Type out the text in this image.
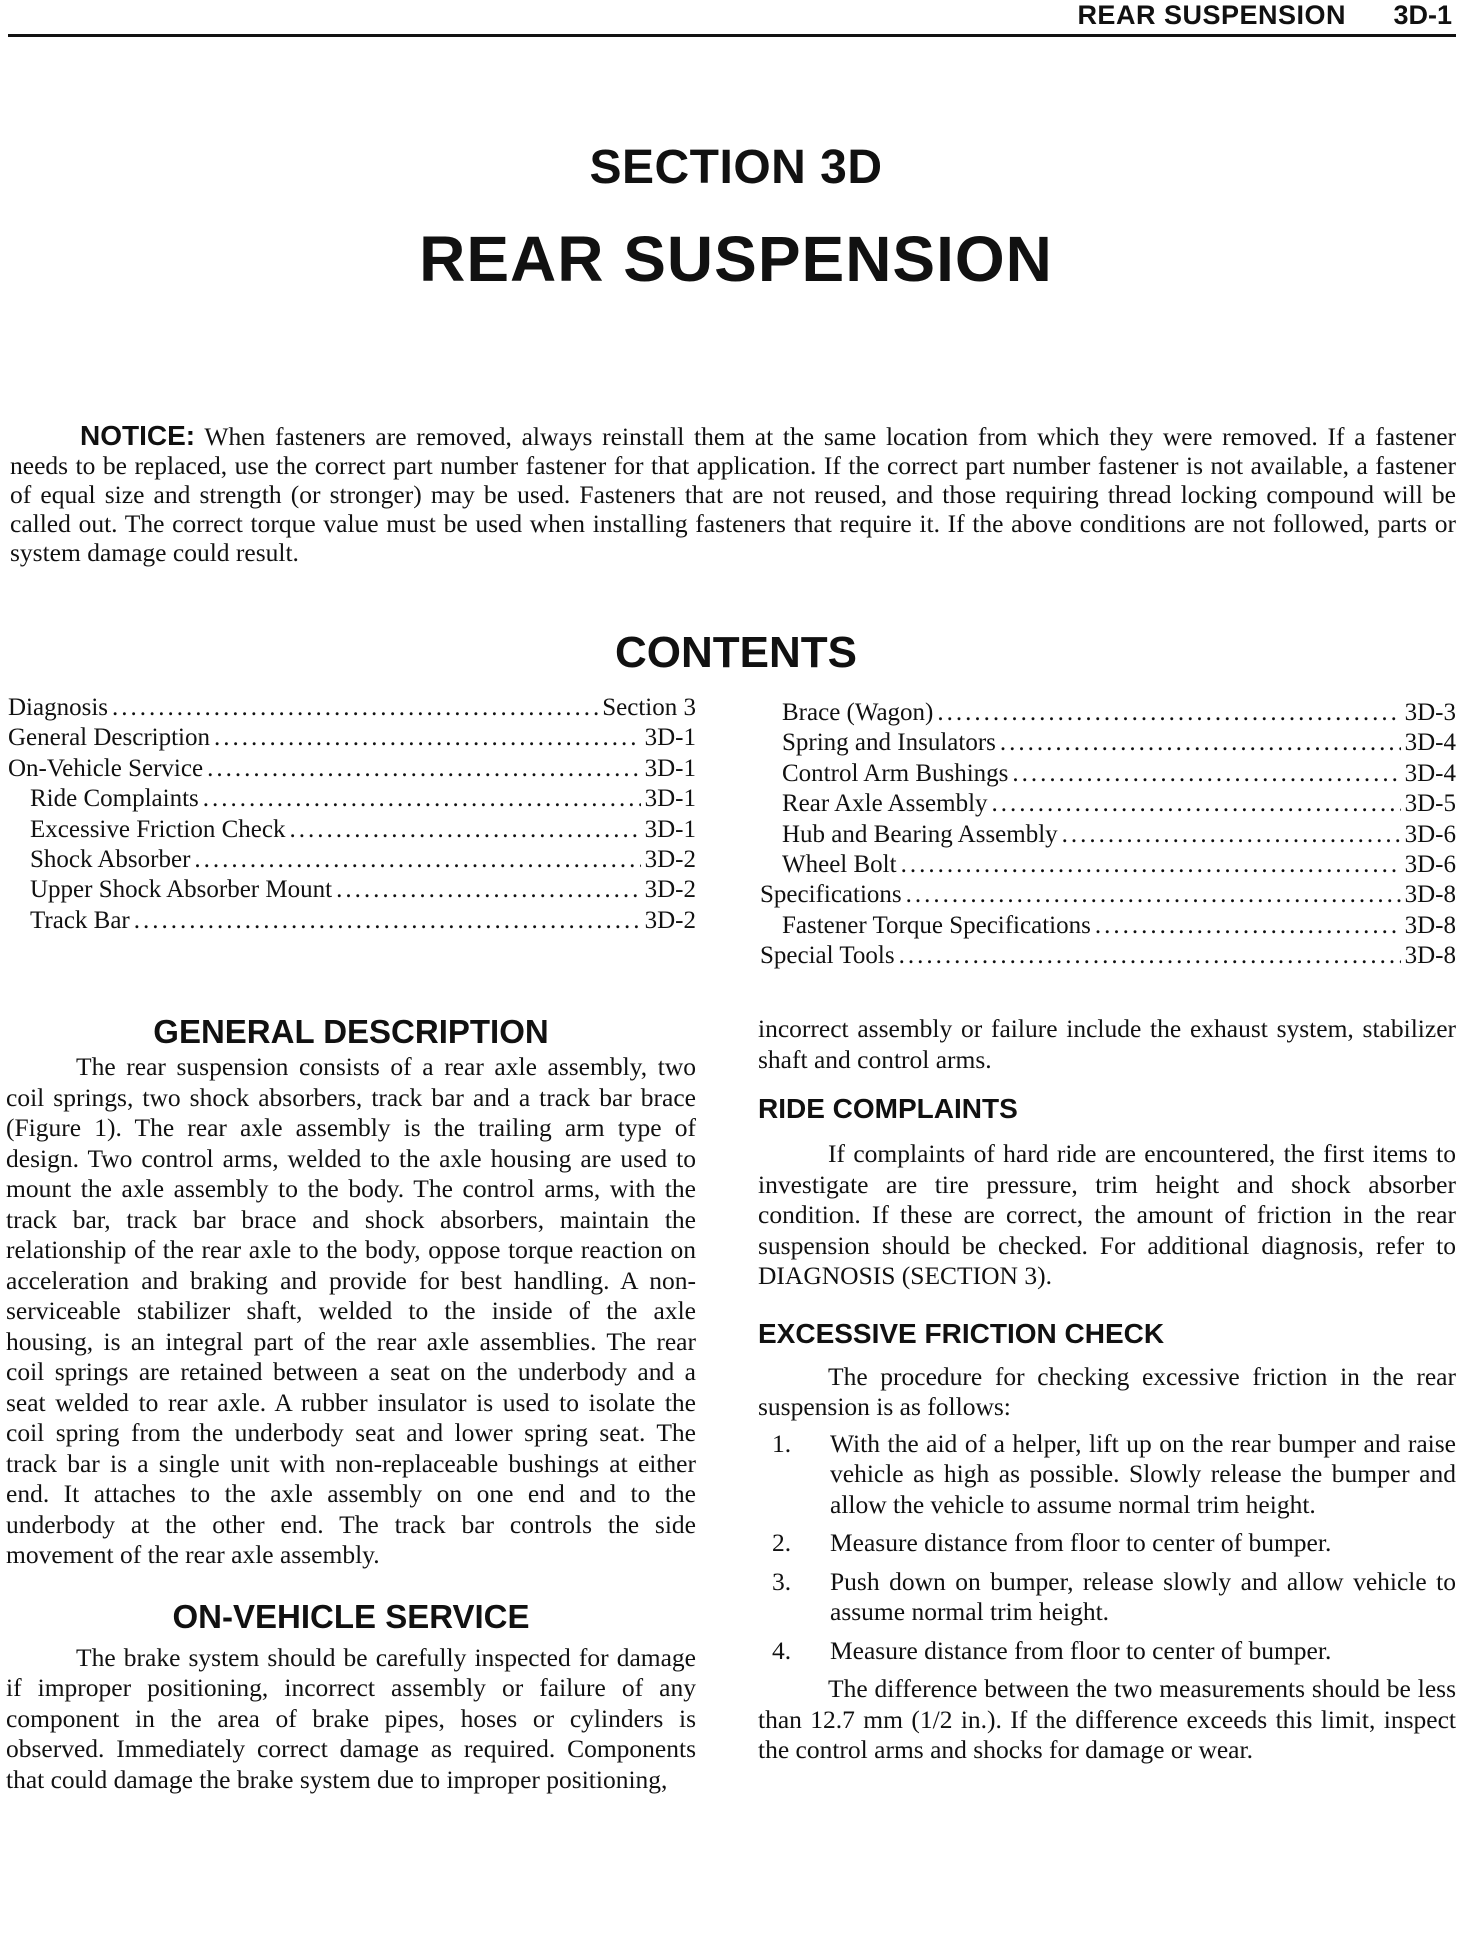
REAR SUSPENSION 3D-1
SECTION 3D
REAR SUSPENSION
NOTICE: When fasteners are removed, always reinstall them at the same location from which they were removed. If a fastener needs to be replaced, use the correct part number fastener for that application. If the correct part number fastener is not available, a fastener of equal size and strength (or stronger) may be used. Fasteners that are not reused, and those requiring thread locking compound will be called out. The correct torque value must be used when installing fasteners that require it. If the above conditions are not followed, parts or system damage could result.
CONTENTS
Diagnosis .....	Section 3
General Description .....	3D-1
On-Vehicle Service .....	3D-1
Ride Complaints .....	3D-1
Excessive Friction Check .....	3D-1
Shock Absorber .....	3D-2
Upper Shock Absorber Mount .....	3D-2
Track Bar .....	3D-2
Brace (Wagon) .....	3D-3
Spring and Insulators .....	3D-4
Control Arm Bushings .....	3D-4
Rear Axle Assembly .....	3D-5
Hub and Bearing Assembly .....	3D-6
Wheel Bolt .....	3D-6
Specifications .....	3D-8
Fastener Torque Specifications .....	3D-8
Special Tools .....	3D-8
GENERAL DESCRIPTION

The rear suspension consists of a rear axle assembly, two coil springs, two shock absorbers, track bar and a track bar brace (Figure 1). The rear axle assembly is the trailing arm type of design. Two control arms, welded to the axle housing are used to mount the axle assembly to the body. The control arms, with the track bar, track bar brace and shock absorbers, maintain the relationship of the rear axle to the body, oppose torque reaction on acceleration and braking and provide for best handling. A non-serviceable stabilizer shaft, welded to the inside of the axle housing, is an integral part of the rear axle assemblies. The rear coil springs are retained between a seat on the underbody and a seat welded to rear axle. A rubber insulator is used to isolate the coil spring from the underbody seat and lower spring seat. The track bar is a single unit with non-replaceable bushings at either end. It attaches to the axle assembly on one end and to the underbody at the other end. The track bar controls the side movement of the rear axle assembly.

ON-VEHICLE SERVICE

The brake system should be carefully inspected for damage if improper positioning, incorrect assembly or failure of any component in the area of brake pipes, hoses or cylinders is observed. Immediately correct damage as required. Components that could damage the brake system due to improper positioning,

incorrect assembly or failure include the exhaust system, stabilizer shaft and control arms.

RIDE COMPLAINTS

If complaints of hard ride are encountered, the first items to investigate are tire pressure, trim height and shock absorber condition. If these are correct, the amount of friction in the rear suspension should be checked. For additional diagnosis, refer to DIAGNOSIS (SECTION 3).

EXCESSIVE FRICTION CHECK

The procedure for checking excessive friction in the rear suspension is as follows:

1.	With the aid of a helper, lift up on the rear bumper and raise vehicle as high as possible. Slowly release the bumper and allow the vehicle to assume normal trim height.
2.	Measure distance from floor to center of bumper.
3.	Push down on bumper, release slowly and allow vehicle to assume normal trim height.
4.	Measure distance from floor to center of bumper.

The difference between the two measurements should be less than 12.7 mm (1/2 in.). If the difference exceeds this limit, inspect the control arms and shocks for damage or wear.
